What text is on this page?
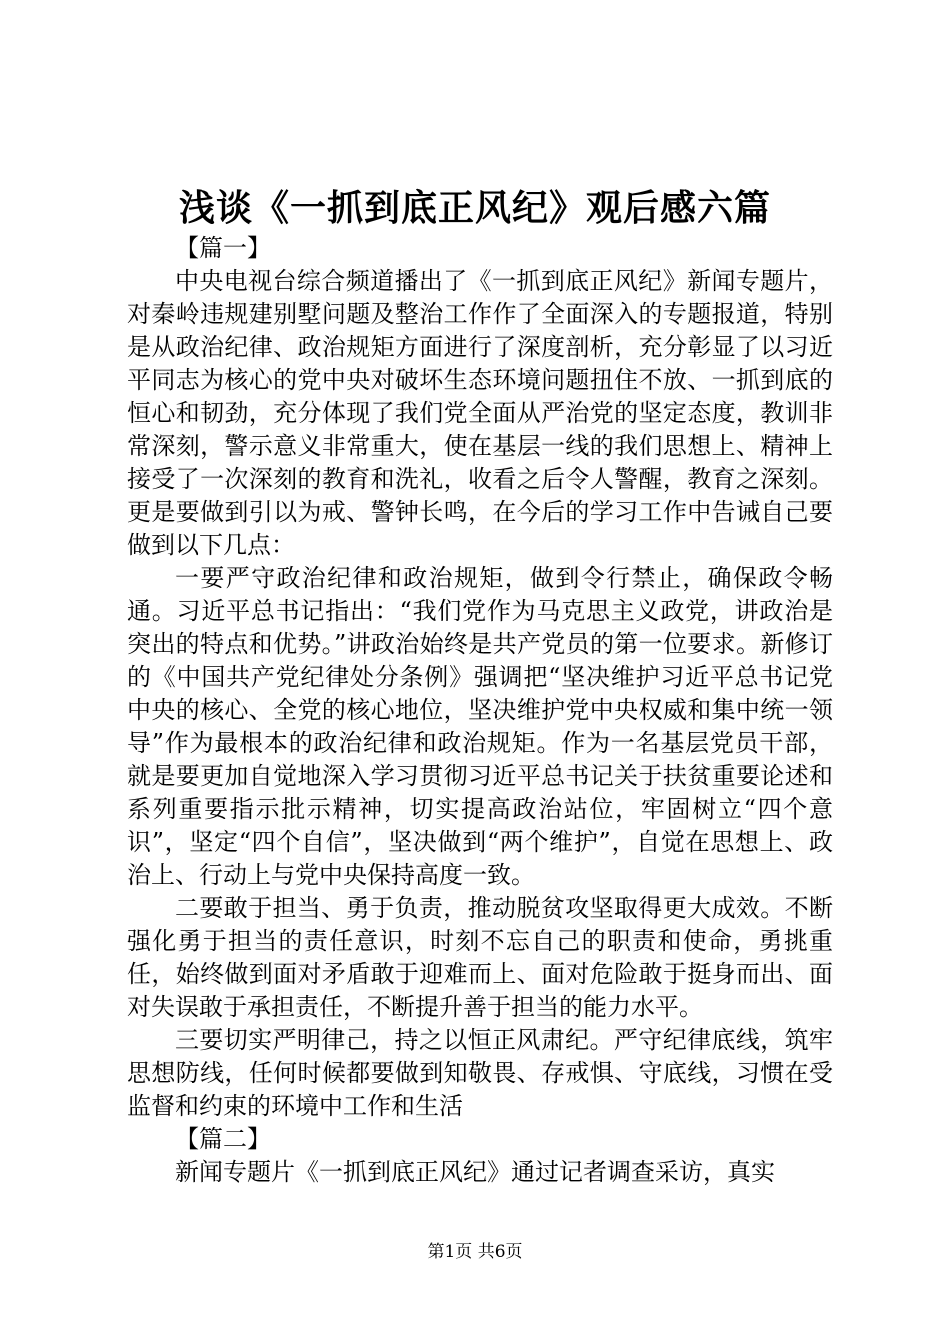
浅谈《一抓到底正风纪》观后感六篇

【篇一】

中央电视台综合频道播出了《一抓到底正风纪》新闻专题片，对秦岭违规建别墅问题及整治工作作了全面深入的专题报道，特别是从政治纪律、政治规矩方面进行了深度剖析，充分彰显了以习近平同志为核心的党中央对破坏生态环境问题扭住不放、一抓到底的恒心和韧劲，充分体现了我们党全面从严治党的坚定态度，教训非常深刻，警示意义非常重大，使在基层一线的我们思想上、精神上接受了一次深刻的教育和洗礼，收看之后令人警醒，教育之深刻。更是要做到引以为戒、警钟长鸣，在今后的学习工作中告诫自己要做到以下几点：

一要严守政治纪律和政治规矩，做到令行禁止，确保政令畅通。习近平总书记指出：“我们党作为马克思主义政党，讲政治是突出的特点和优势。”讲政治始终是共产党员的第一位要求。新修订的《中国共产党纪律处分条例》强调把“坚决维护习近平总书记党中央的核心、全党的核心地位，坚决维护党中央权威和集中统一领导”作为最根本的政治纪律和政治规矩。作为一名基层党员干部，就是要更加自觉地深入学习贯彻习近平总书记关于扶贫重要论述和系列重要指示批示精神，切实提高政治站位，牢固树立“四个意识”，坚定“四个自信”，坚决做到“两个维护”，自觉在思想上、政治上、行动上与党中央保持高度一致。

二要敢于担当、勇于负责，推动脱贫攻坚取得更大成效。不断强化勇于担当的责任意识，时刻不忘自己的职责和使命，勇挑重任，始终做到面对矛盾敢于迎难而上、面对危险敢于挺身而出、面对失误敢于承担责任，不断提升善于担当的能力水平。

三要切实严明律己，持之以恒正风肃纪。严守纪律底线，筑牢思想防线，任何时候都要做到知敬畏、存戒惧、守底线，习惯在受监督和约束的环境中工作和生活

【篇二】

新闻专题片《一抓到底正风纪》通过记者调查采访，真实

第1页 共6页
